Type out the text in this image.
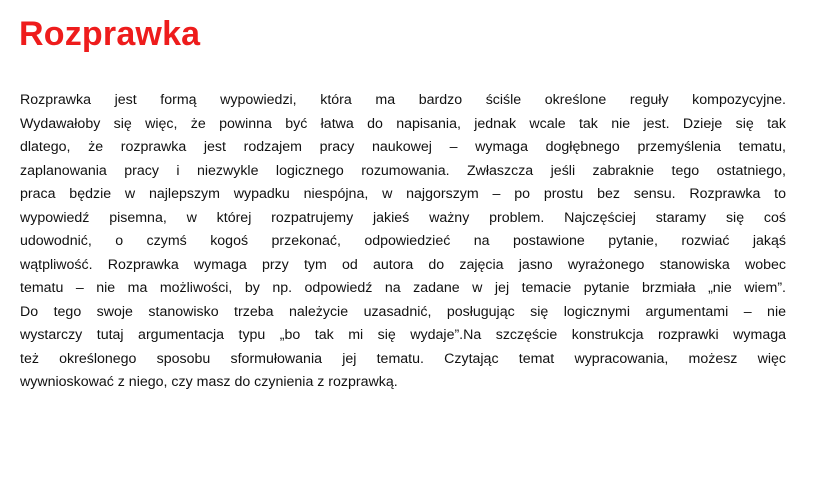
Rozprawka
Rozprawka jest formą wypowiedzi, która ma bardzo ściśle określone reguły kompozycyjne.
Wydawałoby się więc, że powinna być łatwa do napisania, jednak wcale tak nie jest. Dzieje się tak
dlatego, że rozprawka jest rodzajem pracy naukowej – wymaga dogłębnego przemyślenia tematu,
zaplanowania pracy i niezwykle logicznego rozumowania. Zwłaszcza jeśli zabraknie tego ostatniego,
praca będzie w najlepszym wypadku niespójna, w najgorszym – po prostu bez sensu. Rozprawka to
wypowiedź pisemna, w której rozpatrujemy jakieś ważny problem. Najczęściej staramy się coś
udowodnić, o czymś kogoś przekonać, odpowiedzieć na postawione pytanie, rozwiać jakąś
wątpliwość. Rozprawka wymaga przy tym od autora do zajęcia jasno wyrażonego stanowiska wobec
tematu – nie ma możliwości, by np. odpowiedź na zadane w jej temacie pytanie brzmiała „nie wiem”.
Do tego swoje stanowisko trzeba należycie uzasadnić, posługując się logicznymi argumentami – nie
wystarczy tutaj argumentacja typu „bo tak mi się wydaje”.Na szczęście konstrukcja rozprawki wymaga
też określonego sposobu sformułowania jej tematu. Czytając temat wypracowania, możesz więc
wywnioskować z niego, czy masz do czynienia z rozprawką.
